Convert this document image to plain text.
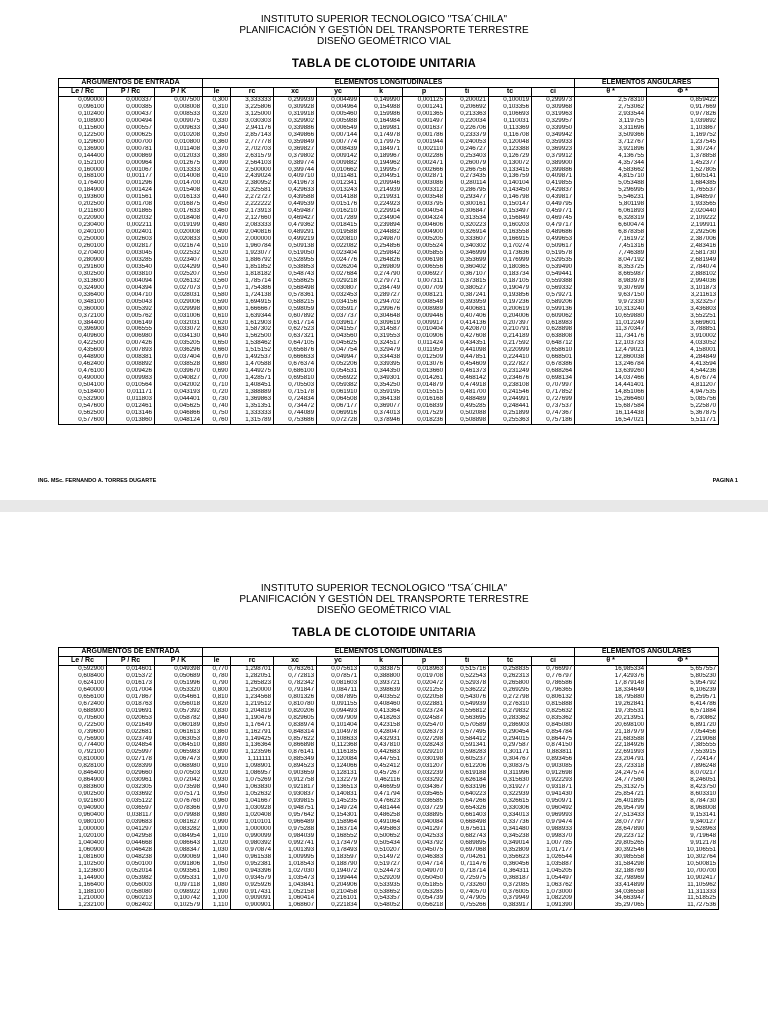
INSTITUTO SUPERIOR TECNOLOGICO "TSA´CHILA"
PLANIFICACIÓN Y GESTIÓN DEL TRANSPORTE TERRESTRE
DISEÑO GEOMÉTRICO VIAL
TABLA DE CLOTOIDE UNITARIA
ARGUMENTOS DE ENTRADA			ELEMENTOS LONGITUDINALES									ELEMENTOS ANGULARES	
Le / Rc	P / Rc	P / K	le	rc	xc	yc	k	p	ti	tc	ci	θ *	Φ *
0,090000	0,000337	0,007500	0,300	3,333333	0,299939	0,004499	0,149990	0,001125	0,200021	0,100019	0,299973	2,578310	0,859422
0,096100	0,000385	0,008008	0,310	3,225806	0,309928	0,004964	0,154988	0,001241	0,206692	0,103356	0,309968	2,753062	0,917669
0,102400	0,000437	0,008533	0,320	3,125000	0,319918	0,005460	0,159986	0,001365	0,213363	0,106693	0,319963	2,933544	0,977826
0,108900	0,000494	0,009075	0,330	3,030303	0,329902	0,005988	0,164984	0,001497	0,220034	0,110031	0,329957	3,119755	1,039892
0,115600	0,000557	0,009633	0,340	2,941176	0,339886	0,006549	0,169981	0,001637	0,226706	0,113369	0,339950	3,311696	1,103867
0,122500	0,000625	0,010208	0,350	2,857143	0,349866	0,007144	0,174978	0,001786	0,233379	0,116708	0,349942	3,509366	1,169752
0,129600	0,000700	0,010800	0,360	2,777778	0,359849	0,007774	0,179975	0,001944	0,240053	0,120048	0,359933	3,712767	1,237545
0,136900	0,000781	0,011408	0,370	2,702703	0,369827	0,008439	0,184971	0,002110	0,246727	0,123388	0,369923	3,921896	1,307247
0,144400	0,000869	0,012033	0,380	2,631579	0,379802	0,009142	0,189967	0,002286	0,253403	0,126729	0,379912	4,136755	1,378858
0,152100	0,000964	0,012675	0,390	2,564103	0,389774	0,009882	0,194962	0,002471	0,260079	0,130072	0,389900	4,357344	1,452377
0,160000	0,001067	0,013333	0,400	2,500000	0,399744	0,010662	0,199957	0,002666	0,266756	0,133415	0,399886	4,583662	1,527805
0,168100	0,001177	0,014008	0,410	2,439024	0,409710	0,011481	0,204951	0,002871	0,273435	0,136759	0,409871	4,815710	1,605141
0,176400	0,001296	0,014700	0,420	2,380952	0,419673	0,012341	0,209946	0,003086	0,280114	0,140104	0,419855	5,053488	1,684385
0,184900	0,001424	0,015408	0,430	2,325581	0,429633	0,013243	0,214939	0,003312	0,286795	0,143450	0,429837	5,296995	1,765537
0,193600	0,001561	0,016133	0,440	2,272727	0,439588	0,014188	0,219931	0,003548	0,293477	0,146798	0,439817	5,546231	1,848597
0,202500	0,001708	0,016875	0,450	2,222222	0,449539	0,015176	0,224923	0,003795	0,300161	0,150147	0,449795	5,801198	1,933565
0,211600	0,001865	0,017633	0,460	2,173913	0,459487	0,016210	0,229914	0,004054	0,306847	0,153497	0,459771	6,061893	2,020440
0,220900	0,002032	0,018408	0,470	2,127660	0,469427	0,017289	0,234904	0,004324	0,313534	0,156849	0,469745	6,328319	2,109222
0,230400	0,002211	0,019199	0,480	2,083333	0,479362	0,018415	0,239894	0,004606	0,320223	0,160203	0,479717	6,600474	2,199911
0,240100	0,002401	0,020008	0,490	2,040816	0,489291	0,019588	0,244882	0,004900	0,326914	0,163558	0,489686	6,878358	2,292506
0,250000	0,002603	0,020833	0,500	2,000000	0,499219	0,020810	0,249870	0,005205	0,333607	0,166915	0,499653	7,161972	2,387006
0,260100	0,002817	0,021674	0,510	1,960784	0,509138	0,022082	0,254856	0,005524	0,340302	0,170274	0,509617	7,451316	2,483416
0,270400	0,003045	0,022532	0,520	1,923077	0,519050	0,023404	0,259842	0,005855	0,346999	0,173636	0,519578	7,746389	2,581730
0,280900	0,003285	0,023407	0,530	1,886792	0,528955	0,024776	0,264826	0,006198	0,353699	0,176999	0,529535	8,047192	2,681949
0,291600	0,003540	0,024299	0,540	1,851852	0,538853	0,026204	0,269809	0,006556	0,360402	0,180365	0,539490	8,353725	2,784074
0,302500	0,003810	0,025207	0,550	1,818182	0,548743	0,027684	0,274790	0,006927	0,367107	0,183734	0,549441	8,665987	2,888102
0,313600	0,004094	0,026132	0,560	1,785714	0,558625	0,029218	0,279771	0,007311	0,373815	0,187105	0,559388	8,983978	2,994036
0,324900	0,004394	0,027073	0,570	1,754386	0,568498	0,030807	0,284749	0,007709	0,380527	0,190479	0,569332	9,307699	3,101873
0,336400	0,004710	0,028031	0,580	1,724138	0,578361	0,032453	0,289727	0,008121	0,387241	0,193856	0,579271	9,637150	3,211613
0,348100	0,005043	0,029006	0,590	1,694915	0,588215	0,034156	0,294702	0,008548	0,393959	0,197236	0,589206	9,972330	3,323257
0,360000	0,005392	0,029998	0,600	1,666667	0,598059	0,035917	0,299676	0,008989	0,400681	0,200619	0,599136	10,313240	3,436803
0,372100	0,005762	0,031006	0,610	1,639344	0,607892	0,037737	0,304648	0,009446	0,407406	0,204006	0,609062	10,659880	3,552251
0,384400	0,006149	0,032031	0,620	1,612903	0,617714	0,039617	0,309619	0,009917	0,414136	0,207397	0,618983	11,012249	3,669601
0,396900	0,006555	0,033072	0,630	1,587302	0,627523	0,041557	0,314587	0,010404	0,420870	0,210791	0,628898	11,370347	3,788851
0,409600	0,006980	0,034130	0,640	1,562500	0,637321	0,043560	0,319553	0,010906	0,427608	0,214189	0,638808	11,734176	3,910002
0,422500	0,007426	0,035205	0,650	1,538462	0,647105	0,045625	0,324517	0,011424	0,434351	0,217592	0,648712	12,103733	4,033052
0,435600	0,007893	0,036296	0,660	1,515152	0,656876	0,047754	0,329479	0,011959	0,441098	0,220999	0,658610	12,479021	4,158001
0,448900	0,008381	0,037404	0,670	1,492537	0,666633	0,049947	0,334438	0,012509	0,447851	0,224410	0,668501	12,860038	4,284849
0,462400	0,008892	0,038528	0,680	1,470588	0,676374	0,052206	0,339395	0,013076	0,454609	0,227827	0,678386	13,246784	4,413594
0,476100	0,009426	0,039670	0,690	1,449275	0,686100	0,054531	0,344350	0,013660	0,461373	0,231249	0,688264	13,639260	4,544236
0,490000	0,009983	0,040827	0,700	1,428571	0,695810	0,056922	0,349301	0,014261	0,468142	0,234676	0,698134	14,037466	4,676774
0,504100	0,010564	0,042002	0,710	1,408451	0,705503	0,059382	0,354250	0,014879	0,474918	0,238108	0,707997	14,441401	4,811207
0,518400	0,011171	0,043193	0,720	1,388889	0,715178	0,061910	0,359195	0,015515	0,481700	0,241546	0,717852	14,851066	4,947535
0,532900	0,011803	0,044401	0,730	1,369863	0,724834	0,064508	0,364138	0,016168	0,488489	0,244991	0,727699	15,266460	5,085756
0,547600	0,012461	0,045625	0,740	1,351351	0,734472	0,067177	0,369077	0,016839	0,495285	0,248441	0,737537	15,687584	5,225870
0,562500	0,013146	0,046866	0,750	1,333333	0,744089	0,069916	0,374013	0,017529	0,502088	0,251899	0,747367	16,114438	5,367875
0,577600	0,013860	0,048124	0,760	1,315789	0,753686	0,072728	0,378946	0,018236	0,508898	0,255363	0,757186	16,547021	5,511771
ING. MSc. FERNANDO A. TORRES DUGARTE	PAGINA 1
INSTITUTO SUPERIOR TECNOLOGICO "TSA´CHILA"
PLANIFICACIÓN Y GESTIÓN DEL TRANSPORTE TERRESTRE
DISEÑO GEOMÉTRICO VIAL
TABLA DE CLOTOIDE UNITARIA
ARGUMENTOS DE ENTRADA			ELEMENTOS LONGITUDINALES									ELEMENTOS ANGULARES	
Le / Rc	P / Rc	P / K	le	rc	xc	yc	k	p	ti	tc	ci	θ *	Φ *
0,592900	0,014601	0,049398	0,770	1,298701	0,763261	0,075613	0,383875	0,018963	0,515716	0,258835	0,766997	16,985334	5,657557
0,608400	0,015372	0,050689	0,780	1,282051	0,772813	0,078571	0,388800	0,019708	0,522543	0,262313	0,776797	17,429376	5,805230
0,624100	0,016173	0,051996	0,790	1,265823	0,782342	0,081603	0,393721	0,020472	0,529378	0,265800	0,786586	17,879148	5,954792
0,640000	0,017004	0,053320	0,800	1,250000	0,791847	0,084711	0,398639	0,021255	0,536222	0,269295	0,796365	18,334649	6,106239
0,656100	0,017867	0,054661	0,810	1,234568	0,801326	0,087895	0,403552	0,022058	0,543076	0,272798	0,806132	18,795880	6,259571
0,672400	0,018763	0,056018	0,820	1,219512	0,810780	0,091155	0,408460	0,022881	0,549939	0,276310	0,815888	19,262841	6,414786
0,688900	0,019691	0,057392	0,830	1,204819	0,820206	0,094493	0,413364	0,023724	0,556812	0,279832	0,825632	19,735531	6,571884
0,705600	0,020653	0,058782	0,840	1,190476	0,829605	0,097909	0,418263	0,024587	0,563695	0,283362	0,835362	20,213951	6,730862
0,722500	0,021649	0,060189	0,850	1,176471	0,838974	0,101404	0,423158	0,025470	0,570589	0,286903	0,845080	20,698100	6,891720
0,739600	0,022681	0,061613	0,860	1,162791	0,848314	0,104978	0,428047	0,026373	0,577495	0,290454	0,854784	21,187979	7,054456
0,756900	0,023749	0,063053	0,870	1,149425	0,857622	0,108633	0,432931	0,027298	0,584412	0,294015	0,864475	21,683588	7,219068
0,774400	0,024854	0,064510	0,880	1,136364	0,866898	0,112368	0,437810	0,028243	0,591341	0,297587	0,874150	22,184926	7,385555
0,792100	0,025997	0,065983	0,890	1,123596	0,876141	0,116185	0,442683	0,029210	0,598283	0,301171	0,883811	22,691993	7,553915
0,810000	0,027178	0,067473	0,900	1,111111	0,885349	0,120084	0,447551	0,030198	0,605237	0,304767	0,893456	23,204791	7,724147
0,828100	0,028399	0,068980	0,910	1,098901	0,894523	0,124066	0,452412	0,031207	0,612206	0,308375	0,903085	23,723318	7,896248
0,846400	0,029660	0,070503	0,920	1,086957	0,903659	0,128131	0,457267	0,032239	0,619188	0,311996	0,912698	24,247574	8,070217
0,864900	0,030961	0,072042	0,930	1,075269	0,912758	0,132279	0,462116	0,033292	0,626184	0,315630	0,922293	24,777560	8,246051
0,883600	0,032305	0,073598	0,940	1,063830	0,921817	0,136513	0,466959	0,034367	0,633196	0,319277	0,931871	25,313275	8,423750
0,902500	0,033692	0,075171	0,950	1,052632	0,930837	0,140831	0,471794	0,035465	0,640223	0,322939	0,941430	25,854721	8,603310
0,921600	0,035122	0,076760	0,960	1,041667	0,939815	0,145235	0,476623	0,036585	0,647266	0,326615	0,950971	26,401895	8,784730
0,940900	0,036597	0,078366	0,970	1,030928	0,948751	0,149724	0,481444	0,037729	0,654326	0,330306	0,960492	26,954799	8,968008
0,960400	0,038117	0,079988	0,980	1,020408	0,957642	0,154301	0,486258	0,038895	0,661403	0,334013	0,969993	27,513433	9,153141
0,980100	0,039683	0,081627	0,990	1,010101	0,966489	0,158964	0,491064	0,040084	0,668498	0,337736	0,979474	28,077797	9,340127
1,000000	0,041297	0,083282	1,000	1,000000	0,975288	0,163714	0,495863	0,041297	0,675611	0,341480	0,988933	28,647890	9,528963
1,020100	0,042958	0,084954	1,010	0,990099	0,984039	0,168552	0,500652	0,042533	0,682743	0,345238	0,998370	29,223712	9,719648
1,040400	0,044668	0,086643	1,020	0,980392	0,992741	0,173479	0,505434	0,043792	0,689895	0,349014	1,007785	29,805265	9,912178
1,060900	0,046428	0,088347	1,030	0,970874	1,001393	0,178493	0,510207	0,045075	0,697068	0,352809	1,017177	30,392546	10,106551
1,081600	0,048238	0,090069	1,040	0,961538	1,009995	0,183597	0,514972	0,046383	0,704261	0,356623	1,026544	30,985558	10,302764
1,102500	0,050100	0,091806	1,050	0,952381	1,018543	0,188790	0,519727	0,047714	0,711476	0,360456	1,035887	31,584298	10,500815
1,123600	0,052014	0,093561	1,060	0,943396	1,027030	0,194072	0,524473	0,049070	0,718714	0,364311	1,045205	32,188769	10,700700
1,144900	0,053982	0,095331	1,070	0,934579	1,035473	0,199444	0,529209	0,050450	0,725975	0,368187	1,054497	32,798969	10,902417
1,166400	0,056003	0,097118	1,080	0,925926	1,043841	0,204906	0,533935	0,051855	0,733260	0,372085	1,063762	33,414899	11,105962
1,188100	0,058080	0,098922	1,090	0,917431	1,052158	0,210458	0,538652	0,053285	0,740570	0,376005	1,073000	34,036558	11,311333
1,210000	0,060213	0,100742	1,100	0,909091	1,060414	0,216101	0,543357	0,054739	0,747905	0,379949	1,082209	34,663947	11,518525
1,232100	0,062402	0,102579	1,110	0,900901	1,068607	0,221834	0,548052	0,056218	0,755266	0,383917	1,091390	35,297065	11,727536
